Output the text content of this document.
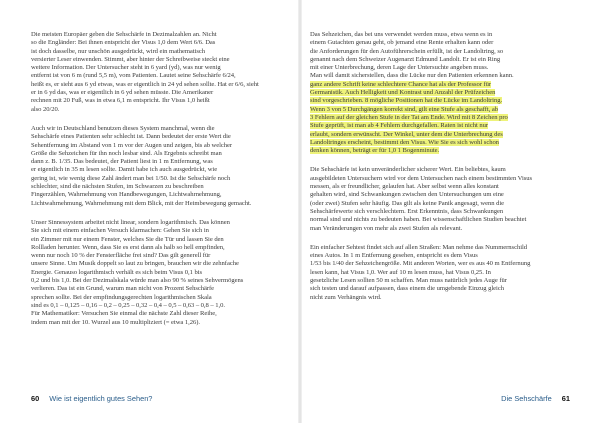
Die meisten Europäer geben die Sehschärfe in Dezimalzahlen an. Nicht
so die Engländer: Bei ihnen entspricht der Visus 1,0 dem Wert 6/6. Das
ist doch dasselbe, nur unschön ausgedrückt, wird ein mathematisch
versierter Leser einwenden. Stimmt, aber hinter der Schreibweise steckt eine
weitere Information. Der Untersucher steht in 6 yard (yd), was nur wenig
entfernt ist von 6 m (rund 5,5 m), vom Patienten. Lautet seine Sehschärfe 6/24,
heißt es, er sieht aus 6 yd etwas, was er eigentlich in 24 yd sehen sollte. Hat er 6/6, sieht
er in 6 yd das, was er eigentlich in 6 yd sehen müsste. Die Amerikaner
rechnen mit 20 Fuß, was in etwa 6,1 m entspricht. Ihr Visus 1,0 heißt
also 20/20.
Auch wir in Deutschland benutzen dieses System manchmal, wenn die
Sehschärfe eines Patienten sehr schlecht ist. Dann bedeutet der erste Wert die
Sehentfernung im Abstand von 1 m vor der Augen und zeigen, bis ab welcher
Größe die Sehzeichen für ihn noch lesbar sind. Als Ergebnis schreibt man
dann z. B. 1/35. Das bedeutet, der Patient liest in 1 m Entfernung, was
er eigentlich in 35 m lesen sollte. Damit habe ich auch ausgedrückt, wie
gering ist, wie wenig diese Zahl ändert man bei 1/50. Ist die Sehschärfe noch
schlechter, sind die nächsten Stufen, im Schwarzen zu beschreiben
Fingerzählen, Wahrnehmung von Handbewegungen, Lichtwahrnehmung,
Lichtwahrnehmung, Wahrnehmung mit dem Blick, mit der Heimbewegung gemacht.
Unser Sinnessystem arbeitet nicht linear, sondern logarithmisch. Das können
Sie sich mit einem einfachen Versuch klarmachen: Gehen Sie sich in
ein Zimmer mit nur einem Fenster, welches Sie die Tür und lassen Sie den
Rollladen herunter. Wenn, dass Sie es erst dann als halb so hell empfinden,
wenn nur noch 10 % der Fensterfläche frei sind? Das gilt generell für
unsere Sinne. Um Musik doppelt so laut zu bringen, brauchen wir die zehnfache
Energie. Genauso logarithmisch verhält es sich beim Visus 0,1 bis
0,2 und bis 1,0. Bei der Dezimalskala würde man also 90 % seines Sehvermögens
verlieren. Das ist ein Grund, warum man nicht von Prozent Sehschärfe
sprechen sollte. Bei der empfindungsgerechten logarithmischen Skala
sind es 0,1 – 0,125 – 0,16 – 0,2 – 0,25 – 0,32 – 0,4 – 0,5 – 0,63 – 0,8 – 1,0.
Für Mathematiker: Versuchen Sie einmal die nächste Zahl dieser Reihe,
indem man mit der 10. Wurzel aus 10 multipliziert (= etwa 1,26).
60 Wie ist eigentlich gutes Sehen?
Das Sehzeichen, das bei uns verwendet werden muss, etwa wenn es in
einem Gutachten genau geht, ob jemand eine Rente erhalten kann oder
die Anforderungen für den Autoführerschein erfüllt, ist der Landoltring, so
genannt nach dem Schweizer Augenarzt Edmund Landolt. Er ist ein Ring
mit einer Unterbrechung, deren Lage der Untersuchte angeben muss.
Man will damit sicherstellen, dass die Lücke nur den Patienten erkennen kann.
ganz andere Schrift keine schlechtere Chance hat als der Professor für
Germanistik. Auch Helligkeit und Kontrast und Anzahl der Prüfzeichen
sind vorgeschrieben. 8 mögliche Positionen hat die Lücke im Landoltring.
Wenn 3 von 5 Durchgängen korrekt sind, gilt eine Stufe als geschafft, ab
3 Fehlern auf der gleichen Stufe in der Tat am Ende. Wird mit 8 Zeichen pro
Stufe geprüft, ist man ab 4 Fehlern durchgefallen. Raten ist nicht nur
erlaubt, sondern erwünscht. Der Winkel, unter dem die Unterbrechung des
Landoltringes erscheint, bestimmt den Visus. Wie Sie es sich wohl schon
denken können, beträgt er für 1,0 1 Bogenminute.
Die Sehschärfe ist kein unveränderlicher sicherer Wert. Ein beliebtes, kaum
ausgebildeten Untersuchern wird vor dem Untersuchen nach einem bestimmten Visus
messen, als er freundlicher, gelaufen hat. Aber selbst wenn alles konstant
gehalten wird, sind Schwankungen zwischen den Untersuchungen um eine
(oder zwei) Stufen sehr häufig. Das gilt als keine Panik angesagt, wenn die
Sehschärfewerte sich verschlechtern. Erst Erkenntnis, dass Schwankungen
normal sind und nichts zu bedeuten haben. Bei wissenschaftlichen Studien beachtet
man Veränderungen von mehr als zwei Stufen als relevant.
Ein einfacher Sehtest findet sich auf allen Straßen: Man nehme das Nummernschild
eines Autos. In 1 m Entfernung gesehen, entspricht es dem Visus
1/53 bis 1/40 der Sehzeichengröße. Mit anderen Worten, wer es aus 40 m Entfernung
lesen kann, hat Visus 1,0. Wer auf 10 m lesen muss, hat Visus 0,25. In
gesetzliche Lesen sollten 50 m schaffen. Man muss natürlich jedes Auge für
sich testen und darauf aufpassen, dass einem die umgebende Einzug gleich
nicht zum Verhängnis wird.
Die Sehschärfe 61
